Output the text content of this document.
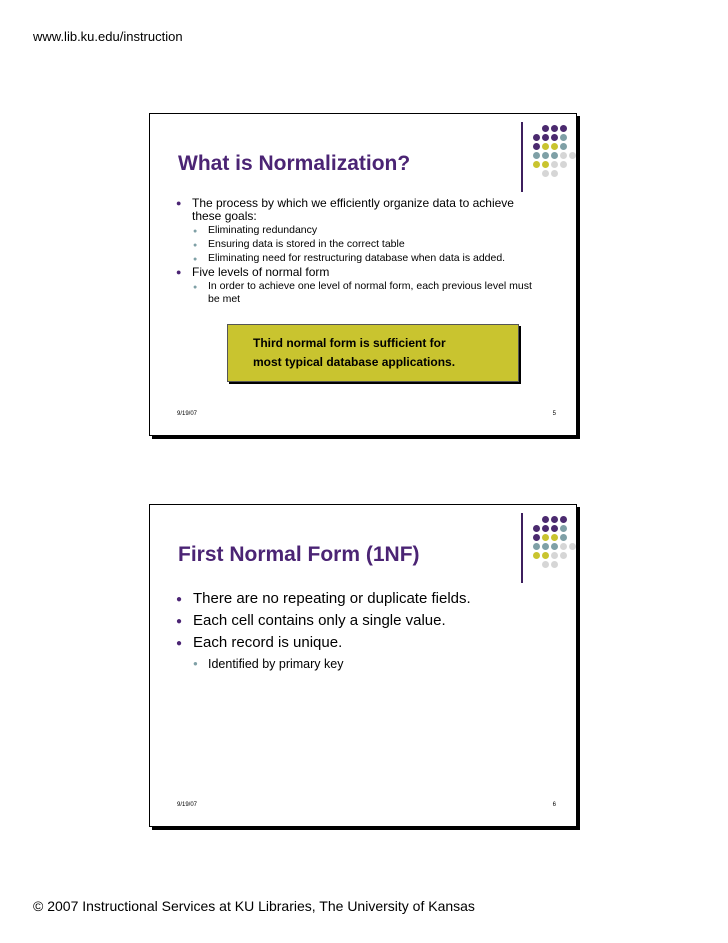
www.lib.ku.edu/instruction
What is Normalization?
● The process by which we efficiently organize data to achieve these goals:
● Eliminating redundancy
● Ensuring data is stored in the correct table
● Eliminating need for restructuring database when data is added.
● Five levels of normal form
● In order to achieve one level of normal form, each previous level must be met
Third normal form is sufficient for
most typical database applications.
9/19/07	5
First Normal Form (1NF)
● There are no repeating or duplicate fields.
● Each cell contains only a single value.
● Each record is unique.
● Identified by primary key
9/19/07	6
© 2007 Instructional Services at KU Libraries, The University of Kansas
